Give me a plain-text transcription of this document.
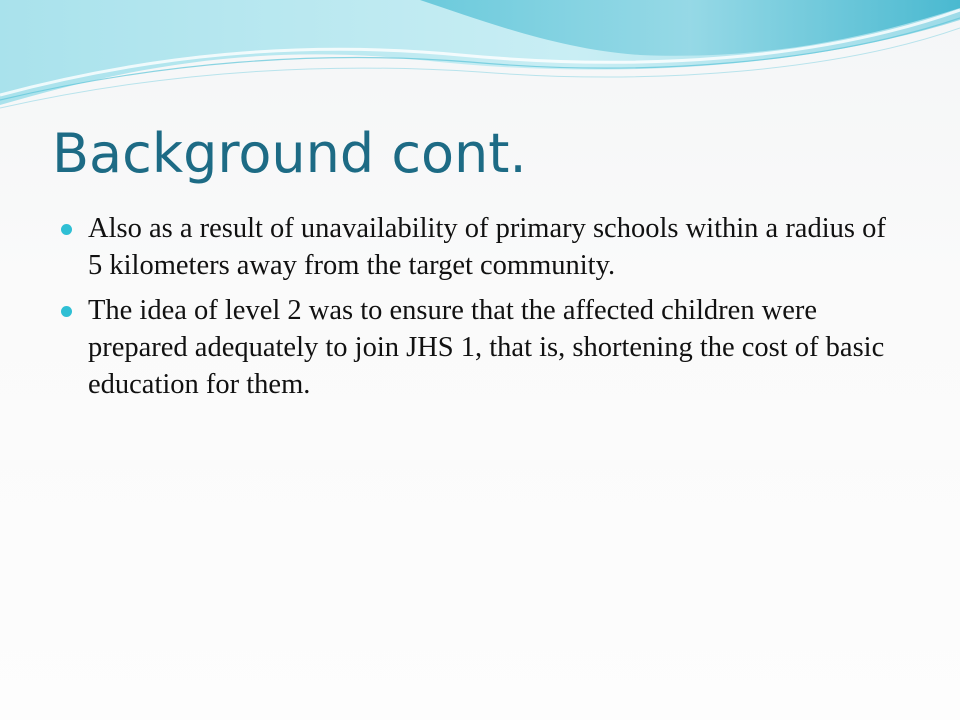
Background cont.
Also as a result of unavailability of primary schools within a radius of 5 kilometers away from the target community.
The idea of level 2 was to ensure that the affected children were prepared adequately to join JHS 1, that is, shortening the cost of basic education for them.
